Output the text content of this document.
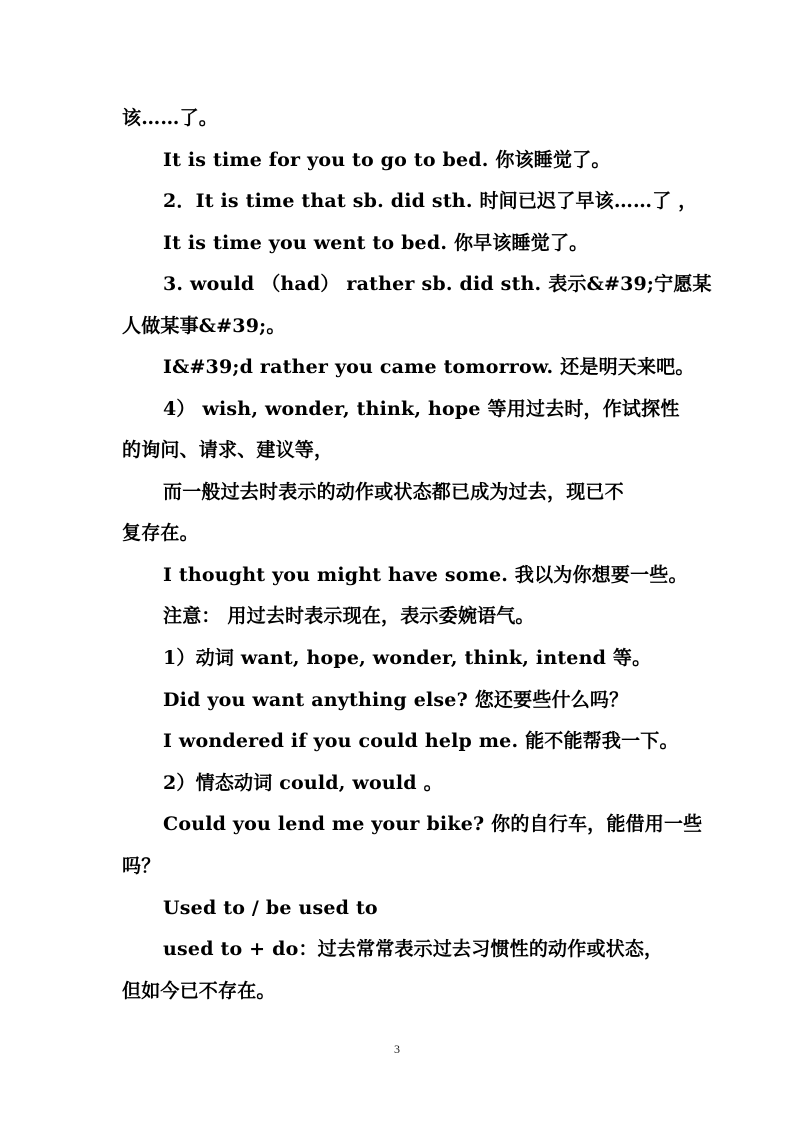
该……了。
It is time for you to go to bed. 你该睡觉了。
2．It is time that sb. did sth. 时间已迟了早该……了 ，
It is time you went to bed. 你早该睡觉了。
3. would （had） rather sb. did sth. 表示&#39;宁愿某
人做某事&#39;。
I&#39;d rather you came tomorrow. 还是明天来吧。
4） wish, wonder, think, hope 等用过去时，作试探性
的询问、请求、建议等，
而一般过去时表示的动作或状态都已成为过去，现已不
复存在。
I thought you might have some. 我以为你想要一些。
注意： 用过去时表示现在，表示委婉语气。
1）动词 want, hope, wonder, think, intend 等。
Did you want anything else? 您还要些什么吗？
I wondered if you could help me. 能不能帮我一下。
2）情态动词 could, would 。
Could you lend me your bike? 你的自行车，能借用一些
吗？
Used to / be used to
used to + do：过去常常表示过去习惯性的动作或状态，
但如今已不存在。
3
